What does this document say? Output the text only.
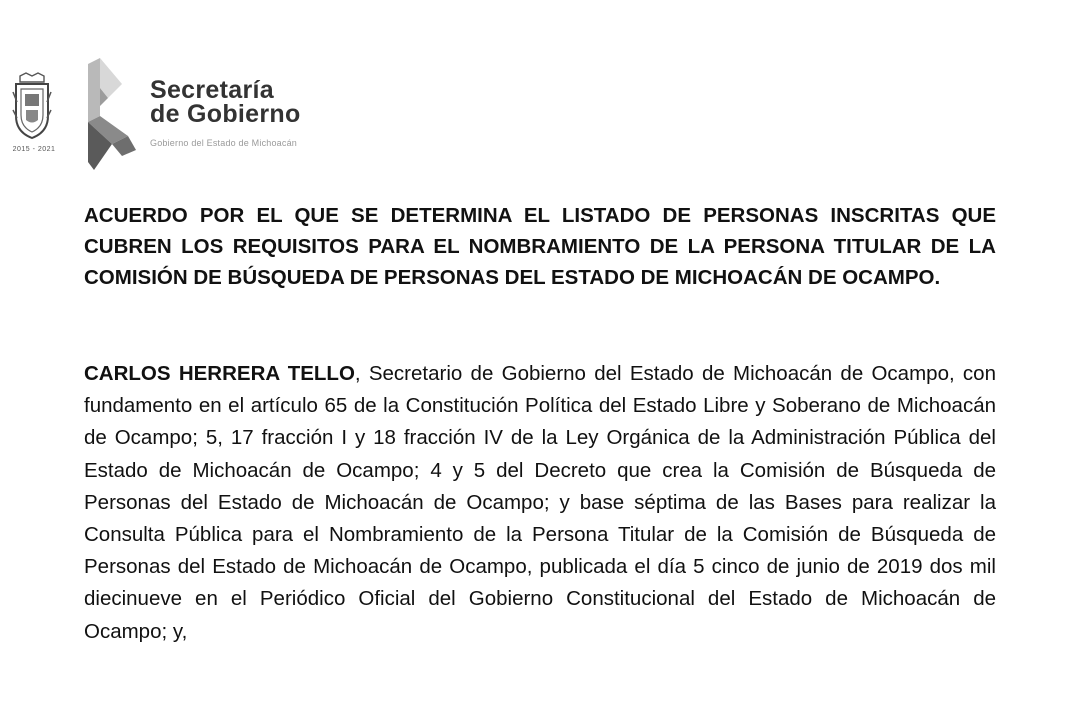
2015 - 2021
Secretaría
de Gobierno
Gobierno del Estado de Michoacán

ACUERDO POR EL QUE SE DETERMINA EL LISTADO DE PERSONAS INSCRITAS QUE CUBREN LOS REQUISITOS PARA EL NOMBRAMIENTO DE LA PERSONA TITULAR DE LA COMISIÓN DE BÚSQUEDA DE PERSONAS DEL ESTADO DE MICHOACÁN DE OCAMPO.

CARLOS HERRERA TELLO, Secretario de Gobierno del Estado de Michoacán de Ocampo, con fundamento en el artículo 65 de la Constitución Política del Estado Libre y Soberano de Michoacán de Ocampo; 5, 17 fracción I y 18 fracción IV de la Ley Orgánica de la Administración Pública del Estado de Michoacán de Ocampo; 4 y 5 del Decreto que crea la Comisión de Búsqueda de Personas del Estado de Michoacán de Ocampo; y base séptima de las Bases para realizar la Consulta Pública para el Nombramiento de la Persona Titular de la Comisión de Búsqueda de Personas del Estado de Michoacán de Ocampo, publicada el día 5 cinco de junio de 2019 dos mil diecinueve en el Periódico Oficial del Gobierno Constitucional del Estado de Michoacán de Ocampo; y,
